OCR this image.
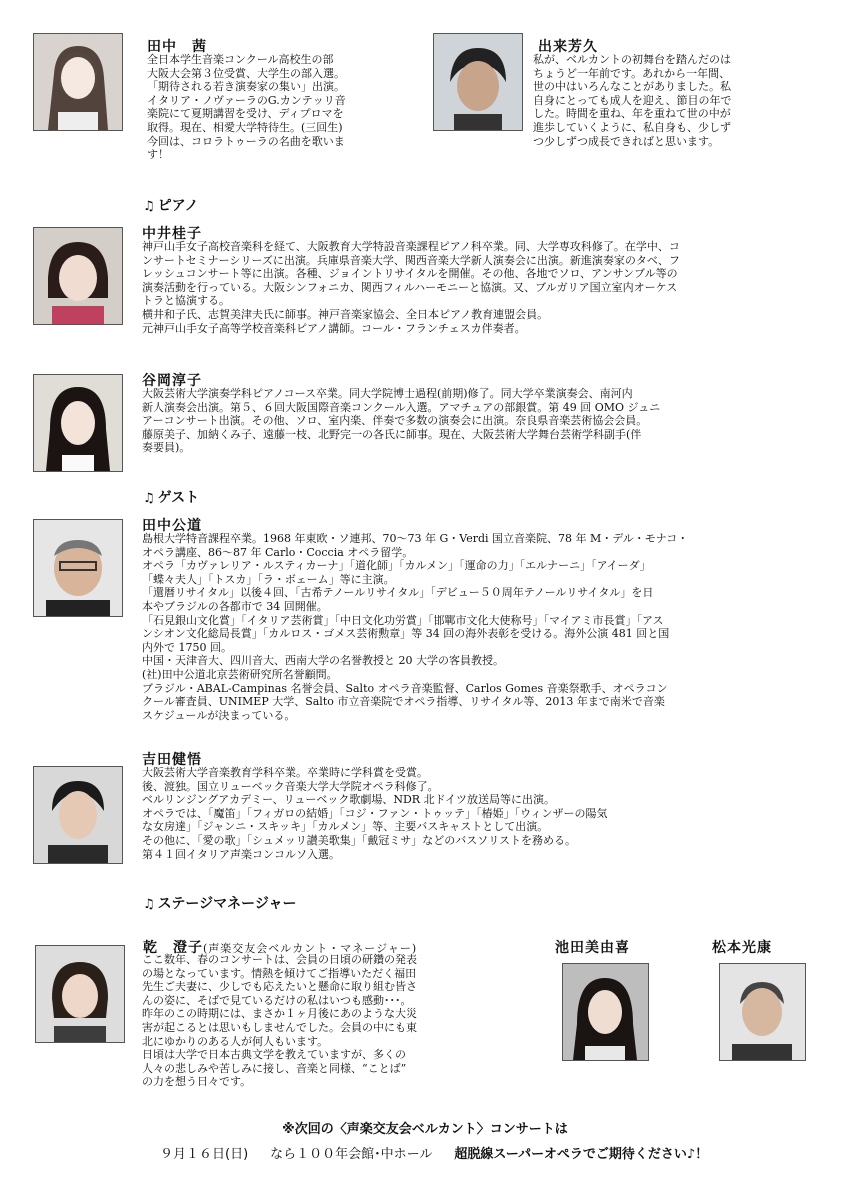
田中　茜

全日本学生音楽コンクール高校生の部

大阪大会第３位受賞、大学生の部入選。

「期待される若き演奏家の集い」出演。

イタリア・ノヴァーラのG.カンテッリ音

楽院にて夏期講習を受け、ディプロマを

取得。現在、相愛大学特待生。(三回生)

今回は、コロラトゥーラの名曲を歌いま

す！

出来芳久

私が、ベルカントの初舞台を踏んだのは

ちょうど一年前です。あれから一年間、

世の中はいろんなことがありました。私

自身にとっても成人を迎え、節目の年で

した。時間を重ね、年を重ねて世の中が

進歩していくように、私自身も、少しず

つ少しずつ成長できればと思います。

♫ ピアノ
中井桂子

神戸山手女子高校音楽科を経て、大阪教育大学特設音楽課程ピアノ科卒業。同、大学専攻科修了。在学中、コ

ンサートセミナーシリーズに出演。兵庫県音楽大学、関西音楽大学新人演奏会に出演。新進演奏家のタベ、フ

レッシュコンサート等に出演。各種、ジョイントリサイタルを開催。その他、各地でソロ、アンサンブル等の

演奏活動を行っている。大阪シンフォニカ、関西フィルハーモニーと協演。又、ブルガリア国立室内オーケス

トラと協演する。

横井和子氏、志賀美津夫氏に師事。神戸音楽家協会、全日本ピアノ教育連盟会員。

元神戸山手女子高等学校音楽科ピアノ講師。コール・フランチェスカ伴奏者。

谷岡淳子

大阪芸術大学演奏学科ピアノコース卒業。同大学院博士過程(前期)修了。同大学卒業演奏会、南河内

新人演奏会出演。第５、６回大阪国際音楽コンクール入選。アマチュアの部銀賞。第 49 回 OMO ジュニ

アーコンサート出演。その他、ソロ、室内楽、伴奏で多数の演奏会に出演。奈良県音楽芸術協会会員。

藤原美子、加納くみ子、遠藤一枝、北野完一の各氏に師事。現在、大阪芸術大学舞台芸術学科副手(伴

奏要員)。

♫ ゲスト
田中公道

島根大学特音課程卒業。1968 年東欧・ソ連邦、70～73 年 G・Verdi 国立音楽院、78 年 M・デル・モナコ・

オペラ講座、86～87 年 Carlo・Coccia オペラ留学。

オペラ「カヴァレリア・ルスティカーナ」「道化師」「カルメン」「運命の力」「エルナーニ」「アイーダ」

「蝶々夫人」「トスカ」「ラ・ボェーム」等に主演。

「還暦リサイタル」以後４回、「古希テノールリサイタル」「デビュー５０周年テノールリサイタル」を日

本やブラジルの各都市で 34 回開催。

「石見銀山文化賞」「イタリア芸術賞」「中日文化功労賞」「邯鄲市文化大使称号」「マイアミ市長賞」「アス

ンシオン文化総局長賞」「カルロス・ゴメス芸術勲章」等 34 回の海外表彰を受ける。海外公演 481 回と国

内外で 1750 回。

中国・天津音大、四川音大、西南大学の名誉教授と 20 大学の客員教授。

(社)田中公道北京芸術研究所名誉顧問。

ブラジル・ABAL-Campinas 名誉会員、Salto オペラ音楽監督、Carlos Gomes 音楽祭歌手、オペラコン

クール審査員、UNIMEP 大学、Salto 市立音楽院でオペラ指導、リサイタル等、2013 年まで南米で音楽

スケジュールが決まっている。

吉田健悟

大阪芸術大学音楽教育学科卒業。卒業時に学科賞を受賞。

後、渡独。国立リューベック音楽大学大学院オペラ科修了。

ベルリンジングアカデミー、リューベック歌劇場、NDR 北ドイツ放送局等に出演。

オペラでは、「魔笛」「フィガロの結婚」「コジ・ファン・トゥッテ」「椿姫」「ウィンザーの陽気

な女房達」「ジャンニ・スキッキ」「カルメン」等、主要バスキャストとして出演。

その他に、「愛の歌」「シュメッリ讃美歌集」「戴冠ミサ」などのバスソリストを務める。

第４１回イタリア声楽コンコルソ入選。

♫ ステージマネージャー
乾　澄子(声楽交友会ベルカント・マネージャー)

ここ数年、春のコンサートは、会員の日頃の研鑽の発表

の場となっています。情熱を傾けてご指導いただく福田

先生ご夫妻に、少しでも応えたいと懸命に取り組む皆さ

んの姿に、そばで見ているだけの私はいつも感動･･･。

昨年のこの時期には、まさか１ヶ月後にあのような大災

害が起こるとは思いもしませんでした。会員の中にも東

北にゆかりのある人が何人もいます。

日頃は大学で日本古典文学を教えていますが、多くの

人々の悲しみや苦しみに接し、音楽と同様、“ことば”

の力を想う日々です。

池田美由喜	松本光康
※次回の〈声楽交友会ベルカント〉コンサートは
９月１６日(日) なら１００年会館･中ホール 超脱線スーパーオペラでご期待ください♪！
